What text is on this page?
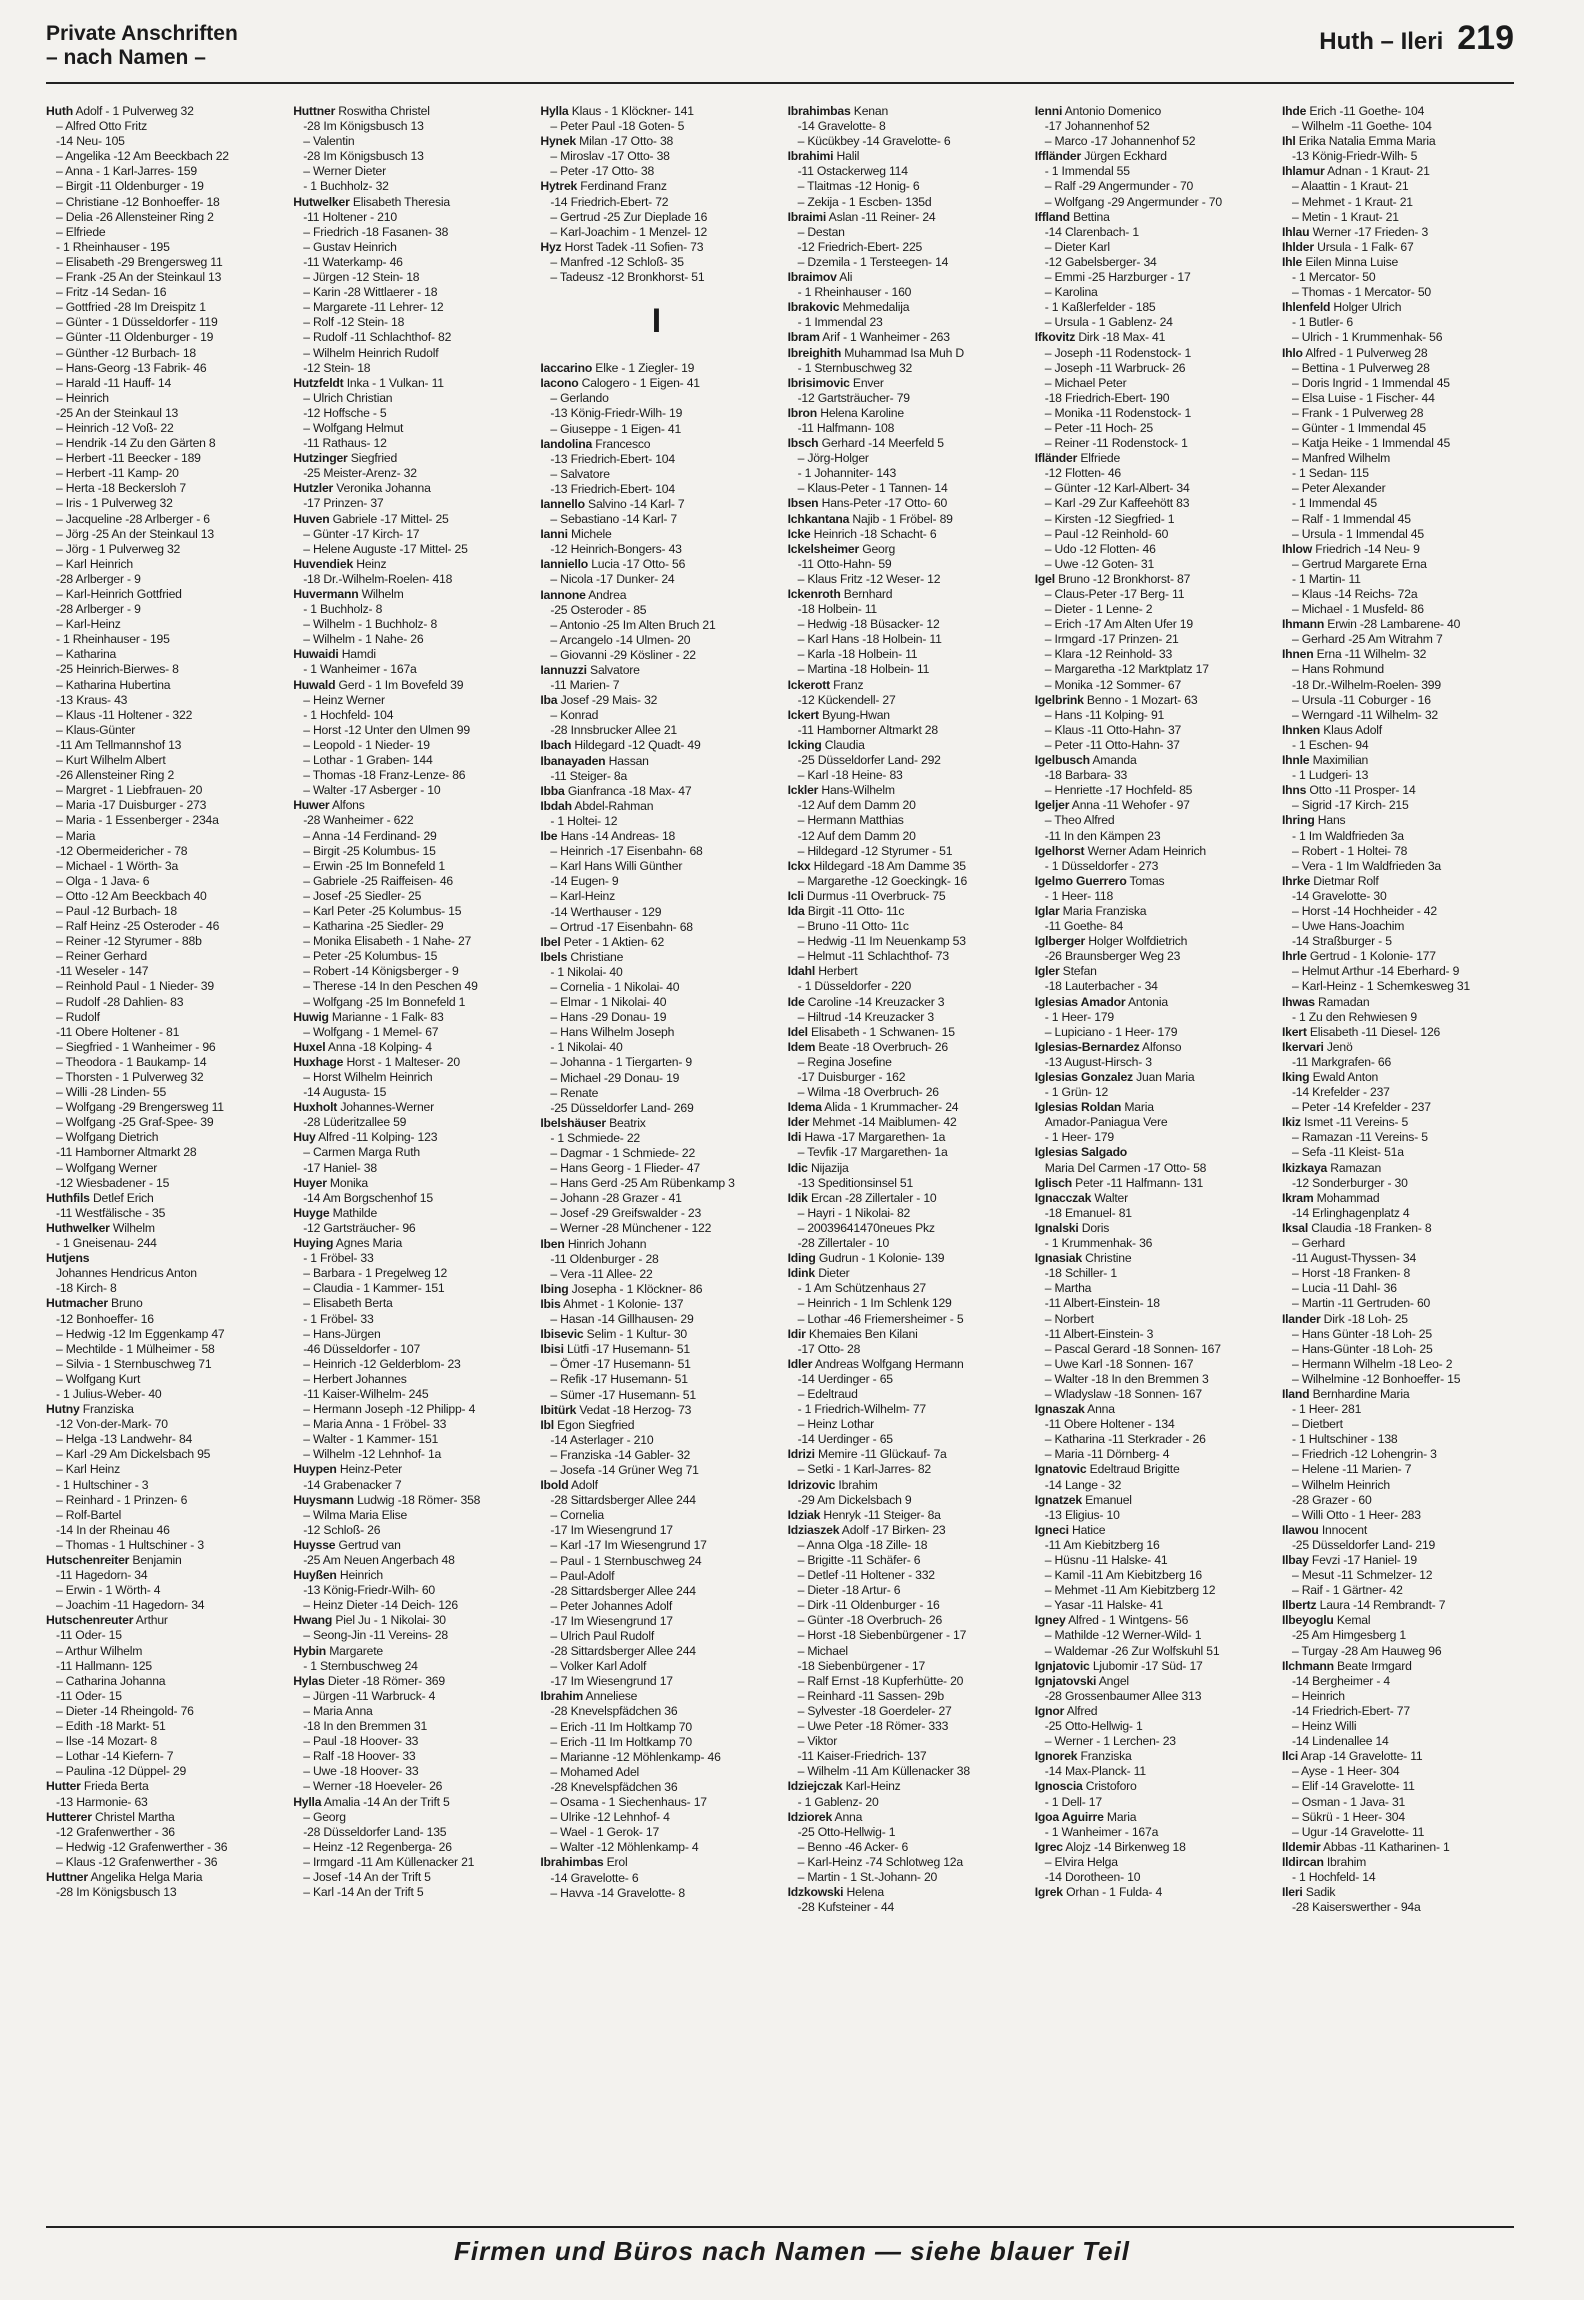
Private Anschriften
– nach Namen –
Huth – Ileri 219
Huth Adolf - 1 Pulverweg 32
– Alfred Otto Fritz
-14 Neu- 105
– Angelika -12 Am Beeckbach 22
– Anna - 1 Karl-Jarres- 159
– Birgit -11 Oldenburger - 19
– Christiane -12 Bonhoeffer- 18
– Delia -26 Allensteiner Ring 2
– Elfriede
- 1 Rheinhauser - 195
– Elisabeth -29 Brengersweg 11
– Frank -25 An der Steinkaul 13
– Fritz -14 Sedan- 16
– Gottfried -28 Im Dreispitz 1
– Günter - 1 Düsseldorfer - 119
– Günter -11 Oldenburger - 19
– Günther -12 Burbach- 18
– Hans-Georg -13 Fabrik- 46
– Harald -11 Hauff- 14
– Heinrich
-25 An der Steinkaul 13
– Heinrich -12 Voß- 22
– Hendrik -14 Zu den Gärten 8
– Herbert -11 Beecker - 189
– Herbert -11 Kamp- 20
– Herta -18 Beckersloh 7
– Iris - 1 Pulverweg 32
– Jacqueline -28 Arlberger - 6
– Jörg -25 An der Steinkaul 13
– Jörg - 1 Pulverweg 32
– Karl Heinrich
-28 Arlberger - 9
– Karl-Heinrich Gottfried
-28 Arlberger - 9
– Karl-Heinz
- 1 Rheinhauser - 195
– Katharina
-25 Heinrich-Bierwes- 8
– Katharina Hubertina
-13 Kraus- 43
– Klaus -11 Holtener - 322
– Klaus-Günter
-11 Am Tellmannshof 13
– Kurt Wilhelm Albert
-26 Allensteiner Ring 2
– Margret - 1 Liebfrauen- 20
– Maria -17 Duisburger - 273
– Maria - 1 Essenberger - 234a
– Maria
-12 Obermeidericher - 78
– Michael - 1 Wörth- 3a
– Olga - 1 Java- 6
– Otto -12 Am Beeckbach 40
– Paul -12 Burbach- 18
– Ralf Heinz -25 Osteroder - 46
– Reiner -12 Styrumer - 88b
– Reiner Gerhard
-11 Weseler - 147
– Reinhold Paul - 1 Nieder- 39
– Rudolf -28 Dahlien- 83
– Rudolf
-11 Obere Holtener - 81
– Siegfried - 1 Wanheimer - 96
– Theodora - 1 Baukamp- 14
– Thorsten - 1 Pulverweg 32
– Willi -28 Linden- 55
– Wolfgang -29 Brengersweg 11
– Wolfgang -25 Graf-Spee- 39
– Wolfgang Dietrich
-11 Hamborner Altmarkt 28
– Wolfgang Werner
-12 Wiesbadener - 15
Huthfils Detlef Erich
-11 Westfälische - 35
Huthwelker Wilhelm
- 1 Gneisenau- 244
Hutjens
Johannes Hendricus Anton
-18 Kirch- 8
Hutmacher Bruno
-12 Bonhoeffer- 16
– Hedwig -12 Im Eggenkamp 47
– Mechtilde - 1 Mülheimer - 58
– Silvia - 1 Sternbuschweg 71
– Wolfgang Kurt
- 1 Julius-Weber- 40
Hutny Franziska
-12 Von-der-Mark- 70
– Helga -13 Landwehr- 84
– Karl -29 Am Dickelsbach 95
– Karl Heinz
- 1 Hultschiner - 3
– Reinhard - 1 Prinzen- 6
– Rolf-Bartel
-14 In der Rheinau 46
– Thomas - 1 Hultschiner - 3
Hutschenreiter Benjamin
-11 Hagedorn- 34
– Erwin - 1 Wörth- 4
– Joachim -11 Hagedorn- 34
Hutschenreuter Arthur
-11 Oder- 15
– Arthur Wilhelm
-11 Hallmann- 125
– Catharina Johanna
-11 Oder- 15
– Dieter -14 Rheingold- 76
– Edith -18 Markt- 51
– Ilse -14 Mozart- 8
– Lothar -14 Kiefern- 7
– Paulina -12 Düppel- 29
Hutter Frieda Berta
-13 Harmonie- 63
Hutterer Christel Martha
-12 Grafenwerther - 36
– Hedwig -12 Grafenwerther - 36
– Klaus -12 Grafenwerther - 36
Huttner Angelika Helga Maria
-28 Im Königsbusch 13
Huttner Roswitha Christel
-28 Im Königsbusch 13
– Valentin
-28 Im Königsbusch 13
– Werner Dieter
- 1 Buchholz- 32
Hutwelker Elisabeth Theresia
-11 Holtener - 210
– Friedrich -18 Fasanen- 38
– Gustav Heinrich
-11 Waterkamp- 46
– Jürgen -12 Stein- 18
– Karin -28 Wittlaerer - 18
– Margarete -11 Lehrer- 12
– Rolf -12 Stein- 18
– Rudolf -11 Schlachthof- 82
– Wilhelm Heinrich Rudolf
-12 Stein- 18
Hutzfeldt Inka - 1 Vulkan- 11
– Ulrich Christian
-12 Hoffsche - 5
– Wolfgang Helmut
-11 Rathaus- 12
Hutzinger Siegfried
-25 Meister-Arenz- 32
Hutzler Veronika Johanna
-17 Prinzen- 37
Huven Gabriele -17 Mittel- 25
– Günter -17 Kirch- 17
– Helene Auguste -17 Mittel- 25
Huvendiek Heinz
-18 Dr.-Wilhelm-Roelen- 418
Huvermann Wilhelm
- 1 Buchholz- 8
– Wilhelm - 1 Buchholz- 8
– Wilhelm - 1 Nahe- 26
Huwaidi Hamdi
- 1 Wanheimer - 167a
Huwald Gerd - 1 Im Bovefeld 39
– Heinz Werner
- 1 Hochfeld- 104
– Horst -12 Unter den Ulmen 99
– Leopold - 1 Nieder- 19
– Lothar - 1 Graben- 144
– Thomas -18 Franz-Lenze- 86
– Walter -17 Asberger - 10
Huwer Alfons
-28 Wanheimer - 622
– Anna -14 Ferdinand- 29
– Birgit -25 Kolumbus- 15
– Erwin -25 Im Bonnefeld 1
– Gabriele -25 Raiffeisen- 46
– Josef -25 Siedler- 25
– Karl Peter -25 Kolumbus- 15
– Katharina -25 Siedler- 29
– Monika Elisabeth - 1 Nahe- 27
– Peter -25 Kolumbus- 15
– Robert -14 Königsberger - 9
– Therese -14 In den Peschen 49
– Wolfgang -25 Im Bonnefeld 1
Huwig Marianne - 1 Falk- 83
– Wolfgang - 1 Memel- 67
Huxel Anna -18 Kolping- 4
Huxhage Horst - 1 Malteser- 20
– Horst Wilhelm Heinrich
-14 Augusta- 15
Huxholt Johannes-Werner
-28 Lüderitzallee 59
Huy Alfred -11 Kolping- 123
– Carmen Marga Ruth
-17 Haniel- 38
Huyer Monika
-14 Am Borgschenhof 15
Huyge Mathilde
-12 Gartsträucher- 96
Huying Agnes Maria
- 1 Fröbel- 33
– Barbara - 1 Pregelweg 12
– Claudia - 1 Kammer- 151
– Elisabeth Berta
- 1 Fröbel- 33
– Hans-Jürgen
-46 Düsseldorfer - 107
– Heinrich -12 Gelderblom- 23
– Herbert Johannes
-11 Kaiser-Wilhelm- 245
– Hermann Joseph -12 Philipp- 4
– Maria Anna - 1 Fröbel- 33
– Walter - 1 Kammer- 151
– Wilhelm -12 Lehnhof- 1a
Huypen Heinz-Peter
-14 Grabenacker 7
Huysmann Ludwig -18 Römer- 358
– Wilma Maria Elise
-12 Schloß- 26
Huysse Gertrud van
-25 Am Neuen Angerbach 48
Huyßen Heinrich
-13 König-Friedr-Wilh- 60
– Heinz Dieter -14 Deich- 126
Hwang Piel Ju - 1 Nikolai- 30
– Seong-Jin -11 Vereins- 28
Hybin Margarete
- 1 Sternbuschweg 24
Hylas Dieter -18 Römer- 369
– Jürgen -11 Warbruck- 4
– Maria Anna
-18 In den Bremmen 31
– Paul -18 Hoover- 33
– Ralf -18 Hoover- 33
– Uwe -18 Hoover- 33
– Werner -18 Hoeveler- 26
Hylla Amalia -14 An der Trift 5
– Georg
-28 Düsseldorfer Land- 135
– Heinz -12 Regenberga- 26
– Irmgard -11 Am Küllenacker 21
– Josef -14 An der Trift 5
– Karl -14 An der Trift 5
Hylla Klaus - 1 Klöckner- 141
– Peter Paul -18 Goten- 5
Hynek Milan -17 Otto- 38
– Miroslav -17 Otto- 38
– Peter -17 Otto- 38
Hytrek Ferdinand Franz
-14 Friedrich-Ebert- 72
– Gertrud -25 Zur Dieplade 16
– Karl-Joachim - 1 Menzel- 12
Hyz Horst Tadek -11 Sofien- 73
– Manfred -12 Schloß- 35
– Tadeusz -12 Bronkhorst- 51
I
Iaccarino Elke - 1 Ziegler- 19
Iacono Calogero - 1 Eigen- 41
– Gerlando
-13 König-Friedr-Wilh- 19
– Giuseppe - 1 Eigen- 41
Iandolina Francesco
-13 Friedrich-Ebert- 104
– Salvatore
-13 Friedrich-Ebert- 104
Iannello Salvino -14 Karl- 7
– Sebastiano -14 Karl- 7
Ianni Michele
-12 Heinrich-Bongers- 43
Ianniello Lucia -17 Otto- 56
– Nicola -17 Dunker- 24
Iannone Andrea
-25 Osteroder - 85
– Antonio -25 Im Alten Bruch 21
– Arcangelo -14 Ulmen- 20
– Giovanni -29 Kösliner - 22
Iannuzzi Salvatore
-11 Marien- 7
Iba Josef -29 Mais- 32
– Konrad
-28 Innsbrucker Allee 21
Ibach Hildegard -12 Quadt- 49
Ibanayaden Hassan
-11 Steiger- 8a
Ibba Gianfranca -18 Max- 47
Ibdah Abdel-Rahman
- 1 Holtei- 12
Ibe Hans -14 Andreas- 18
– Heinrich -17 Eisenbahn- 68
– Karl Hans Willi Günther
-14 Eugen- 9
– Karl-Heinz
-14 Werthauser - 129
– Ortrud -17 Eisenbahn- 68
Ibel Peter - 1 Aktien- 62
Ibels Christiane
- 1 Nikolai- 40
– Cornelia - 1 Nikolai- 40
– Elmar - 1 Nikolai- 40
– Hans -29 Donau- 19
– Hans Wilhelm Joseph
- 1 Nikolai- 40
– Johanna - 1 Tiergarten- 9
– Michael -29 Donau- 19
– Renate
-25 Düsseldorfer Land- 269
Ibelshäuser Beatrix
- 1 Schmiede- 22
– Dagmar - 1 Schmiede- 22
– Hans Georg - 1 Flieder- 47
– Hans Gerd -25 Am Rübenkamp 3
– Johann -28 Grazer - 41
– Josef -29 Greifswalder - 23
– Werner -28 Münchener - 122
Iben Hinrich Johann
-11 Oldenburger - 28
– Vera -11 Allee- 22
Ibing Josepha - 1 Klöckner- 86
Ibis Ahmet - 1 Kolonie- 137
– Hasan -14 Gillhausen- 29
Ibisevic Selim - 1 Kultur- 30
Ibisi Lütfi -17 Husemann- 51
– Ömer -17 Husemann- 51
– Refik -17 Husemann- 51
– Sümer -17 Husemann- 51
Ibitürk Vedat -18 Herzog- 73
Ibl Egon Siegfried
-14 Asterlager - 210
– Franziska -14 Gabler- 32
– Josefa -14 Grüner Weg 71
Ibold Adolf
-28 Sittardsberger Allee 244
– Cornelia
-17 Im Wiesengrund 17
– Karl -17 Im Wiesengrund 17
– Paul - 1 Sternbuschweg 24
– Paul-Adolf
-28 Sittardsberger Allee 244
– Peter Johannes Adolf
-17 Im Wiesengrund 17
– Ulrich Paul Rudolf
-28 Sittardsberger Allee 244
– Volker Karl Adolf
-17 Im Wiesengrund 17
Ibrahim Anneliese
-28 Knevelspfädchen 36
– Erich -11 Im Holtkamp 70
– Erich -11 Im Holtkamp 70
– Marianne -12 Möhlenkamp- 46
– Mohamed Adel
-28 Knevelspfädchen 36
– Osama - 1 Siechenhaus- 17
– Ulrike -12 Lehnhof- 4
– Wael - 1 Gerok- 17
– Walter -12 Möhlenkamp- 4
Ibrahimbas Erol
-14 Gravelotte- 6
– Havva -14 Gravelotte- 8
Ibrahimbas Kenan
-14 Gravelotte- 8
– Kücükbey -14 Gravelotte- 6
Ibrahimi Halil
-11 Ostackerweg 114
– Tlaitmas -12 Honig- 6
– Zekija - 1 Escben- 135d
Ibraimi Aslan -11 Reiner- 24
– Destan
-12 Friedrich-Ebert- 225
– Dzemila - 1 Tersteegen- 14
Ibraimov Ali
- 1 Rheinhauser - 160
Ibrakovic Mehmedalija
- 1 Immendal 23
Ibram Arif - 1 Wanheimer - 263
Ibreighith Muhammad Isa Muh D
- 1 Sternbuschweg 32
Ibrisimovic Enver
-12 Gartsträucher- 79
Ibron Helena Karoline
-11 Halfmann- 108
Ibsch Gerhard -14 Meerfeld 5
– Jörg-Holger
- 1 Johanniter- 143
– Klaus-Peter - 1 Tannen- 14
Ibsen Hans-Peter -17 Otto- 60
Ichkantana Najib - 1 Fröbel- 89
Icke Heinrich -18 Schacht- 6
Ickelsheimer Georg
-11 Otto-Hahn- 59
– Klaus Fritz -12 Weser- 12
Ickenroth Bernhard
-18 Holbein- 11
– Hedwig -18 Büsacker- 12
– Karl Hans -18 Holbein- 11
– Karla -18 Holbein- 11
– Martina -18 Holbein- 11
Ickerott Franz
-12 Kückendell- 27
Ickert Byung-Hwan
-11 Hamborner Altmarkt 28
Icking Claudia
-25 Düsseldorfer Land- 292
– Karl -18 Heine- 83
Ickler Hans-Wilhelm
-12 Auf dem Damm 20
– Hermann Matthias
-12 Auf dem Damm 20
– Hildegard -12 Styrumer - 51
Ickx Hildegard -18 Am Damme 35
– Margarethe -12 Goeckingk- 16
Icli Durmus -11 Overbruck- 75
Ida Birgit -11 Otto- 11c
– Bruno -11 Otto- 11c
– Hedwig -11 Im Neuenkamp 53
– Helmut -11 Schlachthof- 73
Idahl Herbert
- 1 Düsseldorfer - 220
Ide Caroline -14 Kreuzacker 3
– Hiltrud -14 Kreuzacker 3
Idel Elisabeth - 1 Schwanen- 15
Idem Beate -18 Overbruch- 26
– Regina Josefine
-17 Duisburger - 162
– Wilma -18 Overbruch- 26
Idema Alida - 1 Krummacher- 24
Ider Mehmet -14 Maiblumen- 42
Idi Hawa -17 Margarethen- 1a
– Tevfik -17 Margarethen- 1a
Idic Nijazija
-13 Speditionsinsel 51
Idik Ercan -28 Zillertaler - 10
– Hayri - 1 Nikolai- 82
– 20039641470neues Pkz
-28 Zillertaler - 10
Iding Gudrun - 1 Kolonie- 139
Idink Dieter
- 1 Am Schützenhaus 27
– Heinrich - 1 Im Schlenk 129
– Lothar -46 Friemersheimer - 5
Idir Khemaies Ben Kilani
-17 Otto- 28
Idler Andreas Wolfgang Hermann
-14 Uerdinger - 65
– Edeltraud
- 1 Friedrich-Wilhelm- 77
– Heinz Lothar
-14 Uerdinger - 65
Idrizi Memire -11 Glückauf- 7a
– Setki - 1 Karl-Jarres- 82
Idrizovic Ibrahim
-29 Am Dickelsbach 9
Idziak Henryk -11 Steiger- 8a
Idziaszek Adolf -17 Birken- 23
– Anna Olga -18 Zille- 18
– Brigitte -11 Schäfer- 6
– Detlef -11 Holtener - 332
– Dieter -18 Artur- 6
– Dirk -11 Oldenburger - 16
– Günter -18 Overbruch- 26
– Horst -18 Siebenbürgener - 17
– Michael
-18 Siebenbürgener - 17
– Ralf Ernst -18 Kupferhütte- 20
– Reinhard -11 Sassen- 29b
– Sylvester -18 Goerdeler- 27
– Uwe Peter -18 Römer- 333
– Viktor
-11 Kaiser-Friedrich- 137
– Wilhelm -11 Am Küllenacker 38
Idziejczak Karl-Heinz
- 1 Gablenz- 20
Idziorek Anna
-25 Otto-Hellwig- 1
– Benno -46 Acker- 6
– Karl-Heinz -74 Schlotweg 12a
– Martin - 1 St.-Johann- 20
Idzkowski Helena
-28 Kufsteiner - 44
Ienni Antonio Domenico
-17 Johannenhof 52
– Marco -17 Johannenhof 52
Iffländer Jürgen Eckhard
- 1 Immendal 55
– Ralf -29 Angermunder - 70
– Wolfgang -29 Angermunder - 70
Iffland Bettina
-14 Clarenbach- 1
– Dieter Karl
-12 Gabelsberger- 34
– Emmi -25 Harzburger - 17
– Karolina
- 1 Kaßlerfelder - 185
– Ursula - 1 Gablenz- 24
Ifkovitz Dirk -18 Max- 41
– Joseph -11 Rodenstock- 1
– Joseph -11 Warbruck- 26
– Michael Peter
-18 Friedrich-Ebert- 190
– Monika -11 Rodenstock- 1
– Peter -11 Hoch- 25
– Reiner -11 Rodenstock- 1
Ifländer Elfriede
-12 Flotten- 46
– Günter -12 Karl-Albert- 34
– Karl -29 Zur Kaffeehött 83
– Kirsten -12 Siegfried- 1
– Paul -12 Reinhold- 60
– Udo -12 Flotten- 46
– Uwe -12 Goten- 31
Igel Bruno -12 Bronkhorst- 87
– Claus-Peter -17 Berg- 11
– Dieter - 1 Lenne- 2
– Erich -17 Am Alten Ufer 19
– Irmgard -17 Prinzen- 21
– Klara -12 Reinhold- 33
– Margaretha -12 Marktplatz 17
– Monika -12 Sommer- 67
Igelbrink Benno - 1 Mozart- 63
– Hans -11 Kolping- 91
– Klaus -11 Otto-Hahn- 37
– Peter -11 Otto-Hahn- 37
Igelbusch Amanda
-18 Barbara- 33
– Henriette -17 Hochfeld- 85
Igeljer Anna -11 Wehofer - 97
– Theo Alfred
-11 In den Kämpen 23
Igelhorst Werner Adam Heinrich
- 1 Düsseldorfer - 273
Igelmo Guerrero Tomas
- 1 Heer- 118
Iglar Maria Franziska
-11 Goethe- 84
Iglberger Holger Wolfdietrich
-26 Braunsberger Weg 23
Igler Stefan
-18 Lauterbacher - 34
Iglesias Amador Antonia
- 1 Heer- 179
– Lupiciano - 1 Heer- 179
Iglesias-Bernardez Alfonso
-13 August-Hirsch- 3
Iglesias Gonzalez Juan Maria
- 1 Grün- 12
Iglesias Roldan Maria
Amador-Paniagua Vere
- 1 Heer- 179
Iglesias Salgado
Maria Del Carmen -17 Otto- 58
Iglisch Peter -11 Halfmann- 131
Ignacczak Walter
-18 Emanuel- 81
Ignalski Doris
- 1 Krummenhak- 36
Ignasiak Christine
-18 Schiller- 1
– Martha
-11 Albert-Einstein- 18
– Norbert
-11 Albert-Einstein- 3
– Pascal Gerard -18 Sonnen- 167
– Uwe Karl -18 Sonnen- 167
– Walter -18 In den Bremmen 3
– Wladyslaw -18 Sonnen- 167
Ignaszak Anna
-11 Obere Holtener - 134
– Katharina -11 Sterkrader - 26
– Maria -11 Dörnberg- 4
Ignatovic Edeltraud Brigitte
-14 Lange - 32
Ignatzek Emanuel
-13 Eligius- 10
Igneci Hatice
-11 Am Kiebitzberg 16
– Hüsnu -11 Halske- 41
– Kamil -11 Am Kiebitzberg 16
– Mehmet -11 Am Kiebitzberg 12
– Yasar -11 Halske- 41
Igney Alfred - 1 Wintgens- 56
– Mathilde -12 Werner-Wild- 1
– Waldemar -26 Zur Wolfskuhl 51
Ignjatovic Ljubomir -17 Süd- 17
Ignjatovski Angel
-28 Grossenbaumer Allee 313
Ignor Alfred
-25 Otto-Hellwig- 1
– Werner - 1 Lerchen- 23
Ignorek Franziska
-14 Max-Planck- 11
Ignoscia Cristoforo
- 1 Dell- 17
Igoa Aguirre Maria
- 1 Wanheimer - 167a
Igrec Alojz -14 Birkenweg 18
– Elvira Helga
-14 Dorotheen- 10
Igrek Orhan - 1 Fulda- 4
Ihde Erich -11 Goethe- 104
– Wilhelm -11 Goethe- 104
Ihl Erika Natalia Emma Maria
-13 König-Friedr-Wilh- 5
Ihlamur Adnan - 1 Kraut- 21
– Alaattin - 1 Kraut- 21
– Mehmet - 1 Kraut- 21
– Metin - 1 Kraut- 21
Ihlau Werner -17 Frieden- 3
Ihlder Ursula - 1 Falk- 67
Ihle Eilen Minna Luise
- 1 Mercator- 50
– Thomas - 1 Mercator- 50
Ihlenfeld Holger Ulrich
- 1 Butler- 6
– Ulrich - 1 Krummenhak- 56
Ihlo Alfred - 1 Pulverweg 28
– Bettina - 1 Pulverweg 28
– Doris Ingrid - 1 Immendal 45
– Elsa Luise - 1 Fischer- 44
– Frank - 1 Pulverweg 28
– Günter - 1 Immendal 45
– Katja Heike - 1 Immendal 45
– Manfred Wilhelm
- 1 Sedan- 115
– Peter Alexander
- 1 Immendal 45
– Ralf - 1 Immendal 45
– Ursula - 1 Immendal 45
Ihlow Friedrich -14 Neu- 9
– Gertrud Margarete Erna
- 1 Martin- 11
– Klaus -14 Reichs- 72a
– Michael - 1 Musfeld- 86
Ihmann Erwin -28 Lambarene- 40
– Gerhard -25 Am Witrahm 7
Ihnen Erna -11 Wilhelm- 32
– Hans Rohmund
-18 Dr.-Wilhelm-Roelen- 399
– Ursula -11 Coburger - 16
– Werngard -11 Wilhelm- 32
Ihnken Klaus Adolf
- 1 Eschen- 94
Ihnle Maximilian
- 1 Ludgeri- 13
Ihns Otto -11 Prosper- 14
– Sigrid -17 Kirch- 215
Ihring Hans
- 1 Im Waldfrieden 3a
– Robert - 1 Holtei- 78
– Vera - 1 Im Waldfrieden 3a
Ihrke Dietmar Rolf
-14 Gravelotte- 30
– Horst -14 Hochheider - 42
– Uwe Hans-Joachim
-14 Straßburger - 5
Ihrle Gertrud - 1 Kolonie- 177
– Helmut Arthur -14 Eberhard- 9
– Karl-Heinz - 1 Schemkesweg 31
Ihwas Ramadan
- 1 Zu den Rehwiesen 9
Ikert Elisabeth -11 Diesel- 126
Ikervari Jenö
-11 Markgrafen- 66
Iking Ewald Anton
-14 Krefelder - 237
– Peter -14 Krefelder - 237
Ikiz Ismet -11 Vereins- 5
– Ramazan -11 Vereins- 5
– Sefa -11 Kleist- 51a
Ikizkaya Ramazan
-12 Sonderburger - 30
Ikram Mohammad
-14 Erlinghagenplatz 4
Iksal Claudia -18 Franken- 8
– Gerhard
-11 August-Thyssen- 34
– Horst -18 Franken- 8
– Lucia -11 Dahl- 36
– Martin -11 Gertruden- 60
Ilander Dirk -18 Loh- 25
– Hans Günter -18 Loh- 25
– Hans-Günter -18 Loh- 25
– Hermann Wilhelm -18 Leo- 2
– Wilhelmine -12 Bonhoeffer- 15
Iland Bernhardine Maria
- 1 Heer- 281
– Dietbert
- 1 Hultschiner - 138
– Friedrich -12 Lohengrin- 3
– Helene -11 Marien- 7
– Wilhelm Heinrich
-28 Grazer - 60
– Willi Otto - 1 Heer- 283
Ilawou Innocent
-25 Düsseldorfer Land- 219
Ilbay Fevzi -17 Haniel- 19
– Mesut -11 Schmelzer- 12
– Raif - 1 Gärtner- 42
Ilbertz Laura -14 Rembrandt- 7
Ilbeyoglu Kemal
-25 Am Himgesberg 1
– Turgay -28 Am Hauweg 96
Ilchmann Beate Irmgard
-14 Bergheimer - 4
– Heinrich
-14 Friedrich-Ebert- 77
– Heinz Willi
-14 Lindenallee 14
Ilci Arap -14 Gravelotte- 11
– Ayse - 1 Heer- 304
– Elif -14 Gravelotte- 11
– Osman - 1 Java- 31
– Sükrü - 1 Heer- 304
– Ugur -14 Gravelotte- 11
Ildemir Abbas -11 Katharinen- 1
Ildircan Ibrahim
- 1 Hochfeld- 14
Ileri Sadik
-28 Kaiserswerther - 94a
Firmen und Büros nach Namen — siehe blauer Teil
